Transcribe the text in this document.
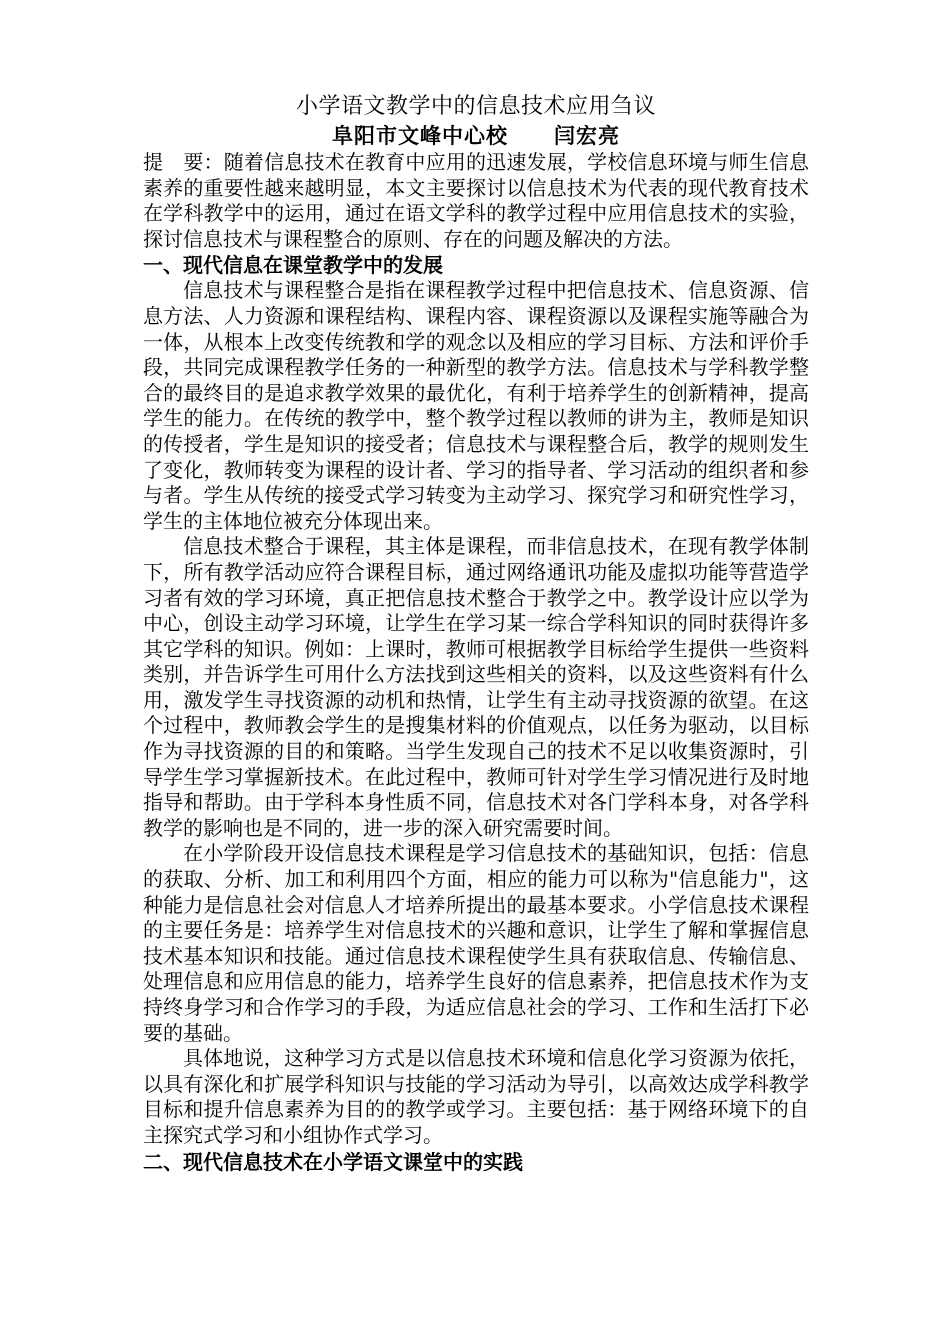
小学语文教学中的信息技术应用刍议
阜阳市文峰中心校 闫宏亮

提　要：随着信息技术在教育中应用的迅速发展，学校信息环境与师生信息素养的重要性越来越明显，本文主要探讨以信息技术为代表的现代教育技术在学科教学中的运用，通过在语文学科的教学过程中应用信息技术的实验，探讨信息技术与课程整合的原则、存在的问题及解决的方法。

一、现代信息在课堂教学中的发展

信息技术与课程整合是指在课程教学过程中把信息技术、信息资源、信息方法、人力资源和课程结构、课程内容、课程资源以及课程实施等融合为一体，从根本上改变传统教和学的观念以及相应的学习目标、方法和评价手段，共同完成课程教学任务的一种新型的教学方法。信息技术与学科教学整合的最终目的是追求教学效果的最优化，有利于培养学生的创新精神，提高学生的能力。在传统的教学中，整个教学过程以教师的讲为主，教师是知识的传授者，学生是知识的接受者；信息技术与课程整合后，教学的规则发生了变化，教师转变为课程的设计者、学习的指导者、学习活动的组织者和参与者。学生从传统的接受式学习转变为主动学习、探究学习和研究性学习，学生的主体地位被充分体现出来。

信息技术整合于课程，其主体是课程，而非信息技术，在现有教学体制下，所有教学活动应符合课程目标，通过网络通讯功能及虚拟功能等营造学习者有效的学习环境，真正把信息技术整合于教学之中。教学设计应以学为中心，创设主动学习环境，让学生在学习某一综合学科知识的同时获得许多其它学科的知识。例如：上课时，教师可根据教学目标给学生提供一些资料类别，并告诉学生可用什么方法找到这些相关的资料，以及这些资料有什么用，激发学生寻找资源的动机和热情，让学生有主动寻找资源的欲望。在这个过程中，教师教会学生的是搜集材料的价值观点，以任务为驱动，以目标作为寻找资源的目的和策略。当学生发现自己的技术不足以收集资源时，引导学生学习掌握新技术。在此过程中，教师可针对学生学习情况进行及时地指导和帮助。由于学科本身性质不同，信息技术对各门学科本身，对各学科教学的影响也是不同的，进一步的深入研究需要时间。

在小学阶段开设信息技术课程是学习信息技术的基础知识，包括：信息的获取、分析、加工和利用四个方面，相应的能力可以称为"信息能力"，这种能力是信息社会对信息人才培养所提出的最基本要求。小学信息技术课程的主要任务是：培养学生对信息技术的兴趣和意识，让学生了解和掌握信息技术基本知识和技能。通过信息技术课程使学生具有获取信息、传输信息、处理信息和应用信息的能力，培养学生良好的信息素养，把信息技术作为支持终身学习和合作学习的手段，为适应信息社会的学习、工作和生活打下必要的基础。

具体地说，这种学习方式是以信息技术环境和信息化学习资源为依托，以具有深化和扩展学科知识与技能的学习活动为导引，以高效达成学科教学目标和提升信息素养为目的的教学或学习。主要包括：基于网络环境下的自主探究式学习和小组协作式学习。

二、现代信息技术在小学语文课堂中的实践
